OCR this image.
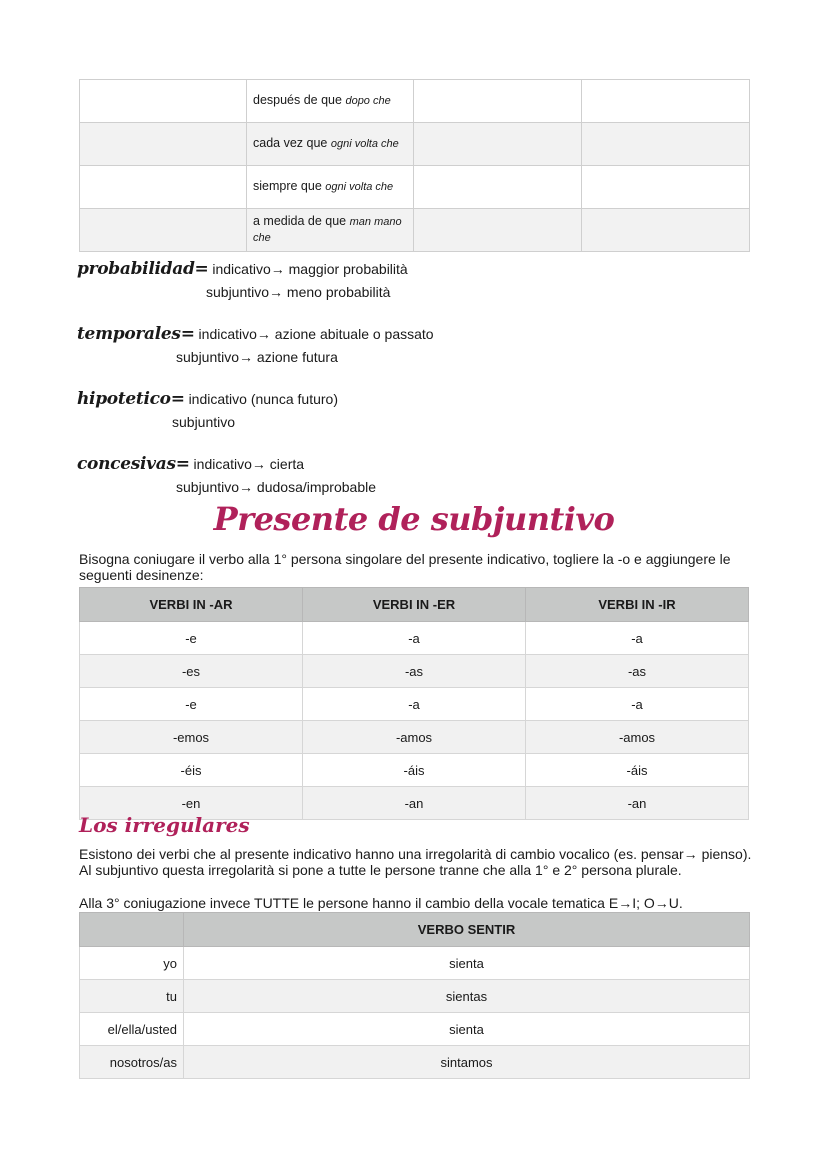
	después de que dopo che		
	cada vez que ogni volta che		
	siempre que ogni volta che		
	a medida de que man mano che		
probabilidad= indicativo→ maggior probabilità
subjuntivo→ meno probabilità
temporales= indicativo→ azione abituale o passato
subjuntivo→ azione futura
hipotetico= indicativo (nunca futuro)
subjuntivo
concesivas= indicativo→ cierta
subjuntivo→ dudosa/improbable
Presente de subjuntivo
Bisogna coniugare il verbo alla 1° persona singolare del presente indicativo, togliere la -o e aggiungere le seguenti desinenze:
VERBI IN -AR	VERBI IN -ER	VERBI IN -IR
-e	-a	-a
-es	-as	-as
-e	-a	-a
-emos	-amos	-amos
-éis	-áis	-áis
-en	-an	-an
Los irregulares
Esistono dei verbi che al presente indicativo hanno una irregolarità di cambio vocalico (es. pensar→ pienso). Al subjuntivo questa irregolarità si pone a tutte le persone tranne che alla 1° e 2° persona plurale.
Alla 3° coniugazione invece TUTTE le persone hanno il cambio della vocale tematica E→I; O→U.
	VERBO SENTIR
yo	sienta
tu	sientas
el/ella/usted	sienta
nosotros/as	sintamos
